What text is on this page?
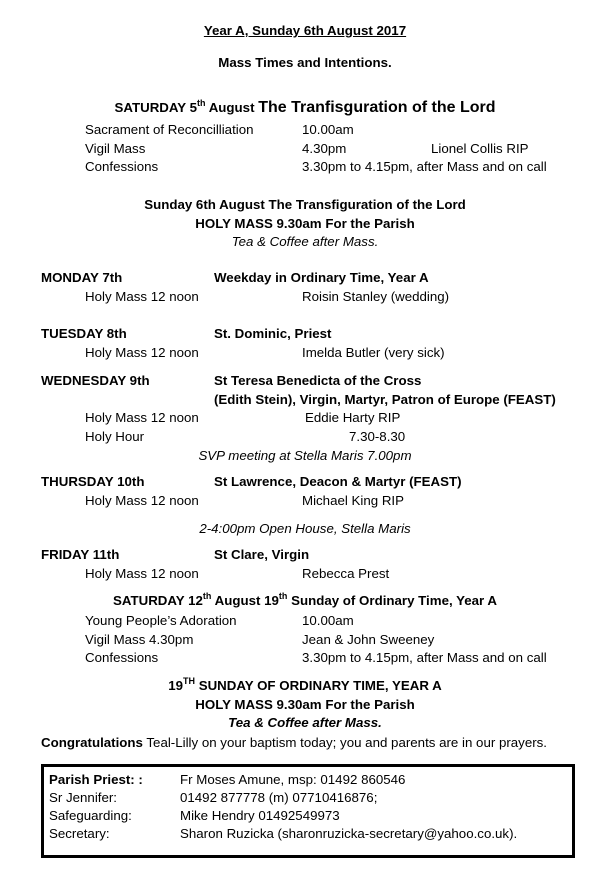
Year A, Sunday 6th August 2017
Mass Times and Intentions.
SATURDAY 5th August The Tranfisguration of the Lord
Sacrament of Reconcilliation	10.00am
Vigil Mass	4.30pm	Lionel Collis RIP
Confessions	3.30pm to 4.15pm, after Mass and on call
Sunday 6th August The Transfiguration of the Lord
HOLY MASS 9.30am For the Parish
Tea & Coffee after Mass.
MONDAY 7th	Weekday in Ordinary Time, Year A
Holy Mass 12 noon	Roisin Stanley (wedding)
TUESDAY 8th	St. Dominic, Priest
Holy Mass 12 noon	Imelda Butler (very sick)
WEDNESDAY 9th	St Teresa Benedicta of the Cross
(Edith Stein), Virgin, Martyr, Patron of Europe (FEAST)
Holy Mass 12 noon	Eddie Harty RIP
Holy Hour	7.30-8.30
SVP meeting at Stella Maris 7.00pm
THURSDAY 10th	St Lawrence, Deacon & Martyr (FEAST)
Holy Mass 12 noon	Michael King RIP
2-4:00pm Open House, Stella Maris
FRIDAY 11th	St Clare, Virgin
Holy Mass 12 noon	Rebecca Prest
SATURDAY 12th August 19th Sunday of Ordinary Time, Year A
Young People’s Adoration	10.00am
Vigil Mass 4.30pm	Jean & John Sweeney
Confessions	3.30pm to 4.15pm, after Mass and on call
19TH SUNDAY OF ORDINARY TIME, YEAR A
HOLY MASS 9.30am For the Parish
Tea & Coffee after Mass.
Congratulations Teal-Lilly on your baptism today; you and parents are in our prayers.
Parish Priest: :	Fr Moses Amune, msp: 01492 860546
Sr Jennifer:	01492 877778 (m) 07710416876;
Safeguarding:	Mike Hendry 01492549973
Secretary:	Sharon Ruzicka (sharonruzicka-secretary@yahoo.co.uk).
